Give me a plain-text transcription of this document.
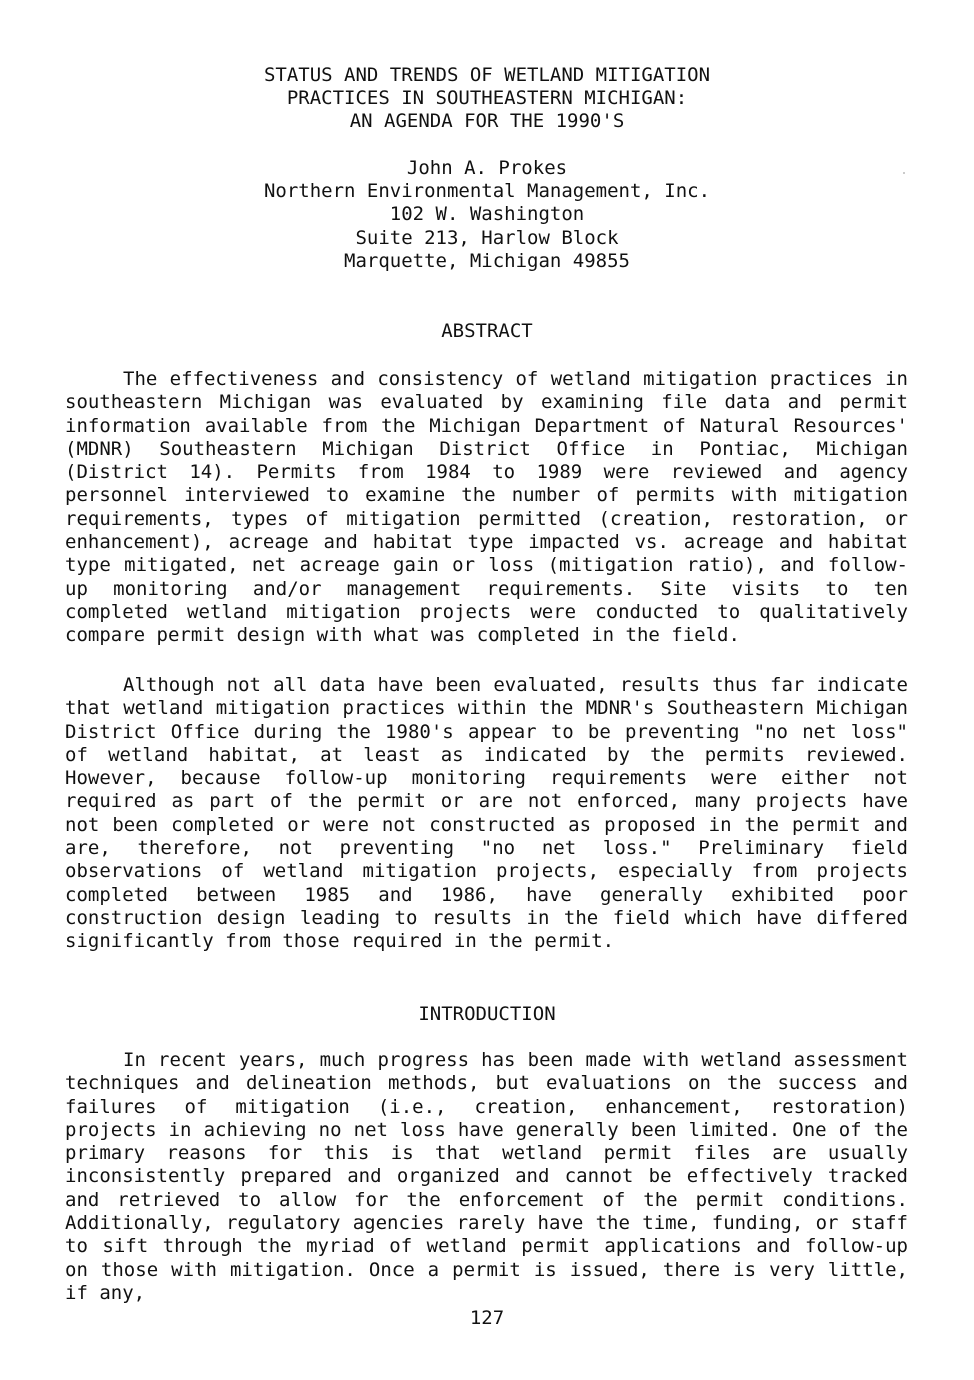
STATUS AND TRENDS OF WETLAND MITIGATION
PRACTICES IN SOUTHEASTERN MICHIGAN:
AN AGENDA FOR THE 1990'S
John A. Prokes
Northern Environmental Management, Inc.
102 W. Washington
Suite 213, Harlow Block
Marquette, Michigan 49855
ABSTRACT

The effectiveness and consistency of wetland mitigation practices in southeastern Michigan was evaluated by examining file data and permit information available from the Michigan Department of Natural Resources' (MDNR) Southeastern Michigan District Office in Pontiac, Michigan (District 14). Permits from 1984 to 1989 were reviewed and agency personnel interviewed to examine the number of permits with mitigation requirements, types of mitigation permitted (creation, restoration, or enhancement), acreage and habitat type impacted vs. acreage and habitat type mitigated, net acreage gain or loss (mitigation ratio), and follow-up monitoring and/or management requirements. Site visits to ten completed wetland mitigation projects were conducted to qualitatively compare permit design with what was completed in the field.

Although not all data have been evaluated, results thus far indicate that wetland mitigation practices within the MDNR's Southeastern Michigan District Office during the 1980's appear to be preventing "no net loss" of wetland habitat, at least as indicated by the permits reviewed. However, because follow-up monitoring requirements were either not required as part of the permit or are not enforced, many projects have not been completed or were not constructed as proposed in the permit and are, therefore, not preventing "no net loss." Preliminary field observations of wetland mitigation projects, especially from projects completed between 1985 and 1986, have generally exhibited poor construction design leading to results in the field which have differed significantly from those required in the permit.

INTRODUCTION

In recent years, much progress has been made with wetland assessment techniques and delineation methods, but evaluations on the success and failures of mitigation (i.e., creation, enhancement, restoration) projects in achieving no net loss have generally been limited. One of the primary reasons for this is that wetland permit files are usually inconsistently prepared and organized and cannot be effectively tracked and retrieved to allow for the enforcement of the permit conditions. Additionally, regulatory agencies rarely have the time, funding, or staff to sift through the myriad of wetland permit applications and follow-up on those with mitigation. Once a permit is issued, there is very little, if any,

127
